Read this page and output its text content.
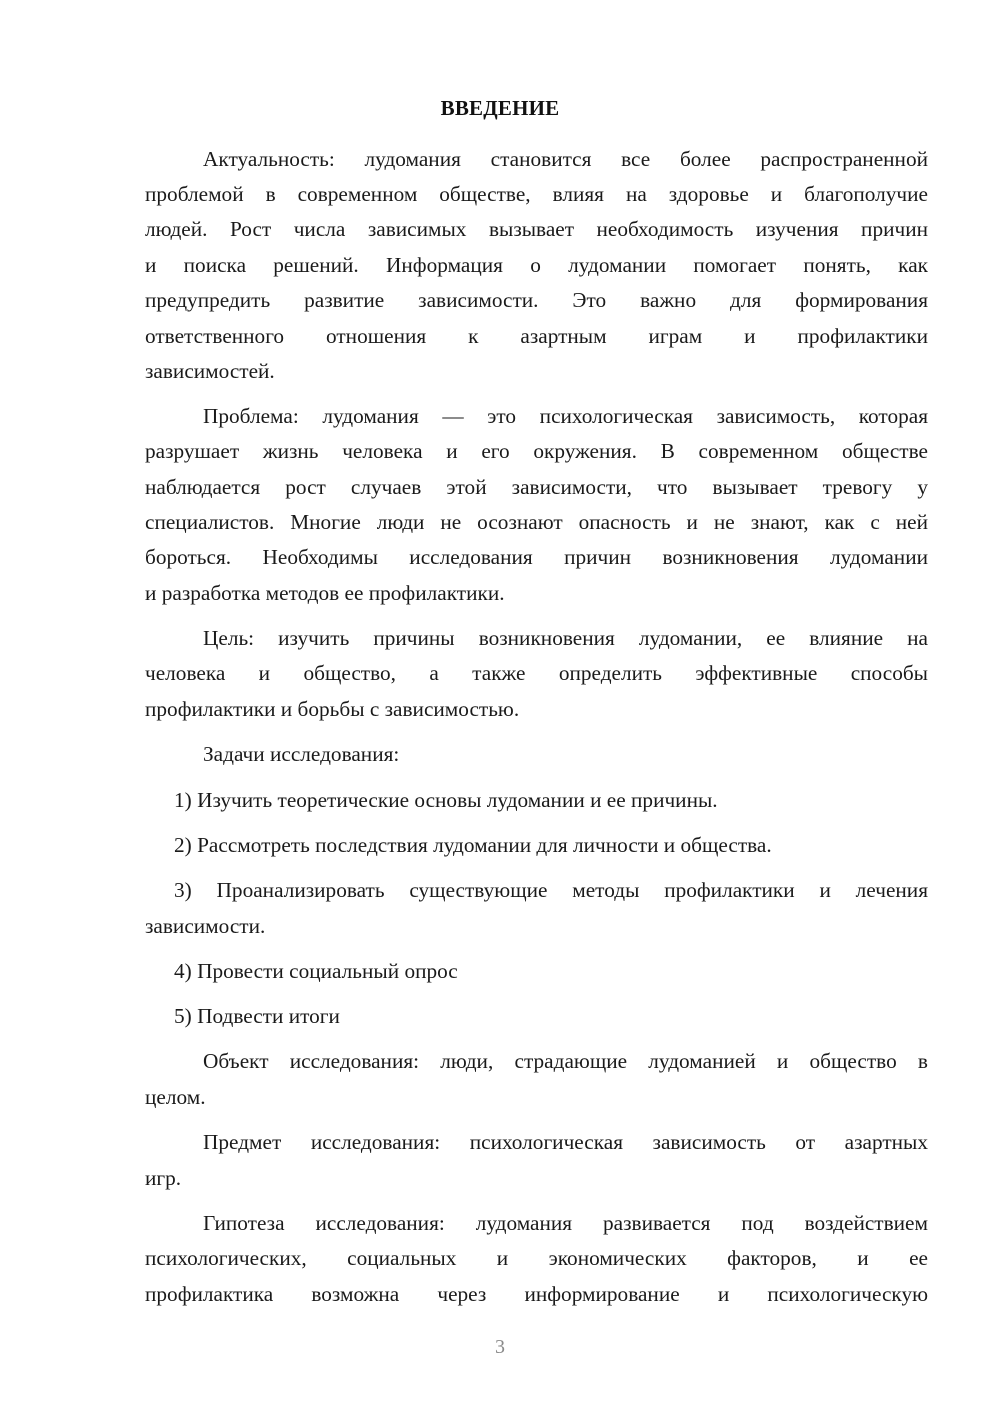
ВВЕДЕНИЕ
Актуальность: лудомания становится все более распространенной
проблемой в современном обществе, влияя на здоровье и благополучие
людей. Рост числа зависимых вызывает необходимость изучения причин
и поиска решений. Информация о лудомании помогает понять, как
предупредить развитие зависимости. Это важно для формирования
ответственного отношения к азартным играм и профилактики
зависимостей.
Проблема: лудомания — это психологическая зависимость, которая
разрушает жизнь человека и его окружения. В современном обществе
наблюдается рост случаев этой зависимости, что вызывает тревогу у
специалистов. Многие люди не осознают опасность и не знают, как с ней
бороться. Необходимы исследования причин возникновения лудомании
и разработка методов ее профилактики.
Цель: изучить причины возникновения лудомании, ее влияние на
человека и общество, а также определить эффективные способы
профилактики и борьбы с зависимостью.
Задачи исследования:
1) Изучить теоретические основы лудомании и ее причины.
2) Рассмотреть последствия лудомании для личности и общества.
3) Проанализировать существующие методы профилактики и лечения
зависимости.
4) Провести социальный опрос
5) Подвести итоги
Объект исследования: люди, страдающие лудоманией и общество в
целом.
Предмет исследования: психологическая зависимость от азартных
игр.
Гипотеза исследования: лудомания развивается под воздействием
психологических, социальных и экономических факторов, и ее
профилактика возможна через информирование и психологическую
3
